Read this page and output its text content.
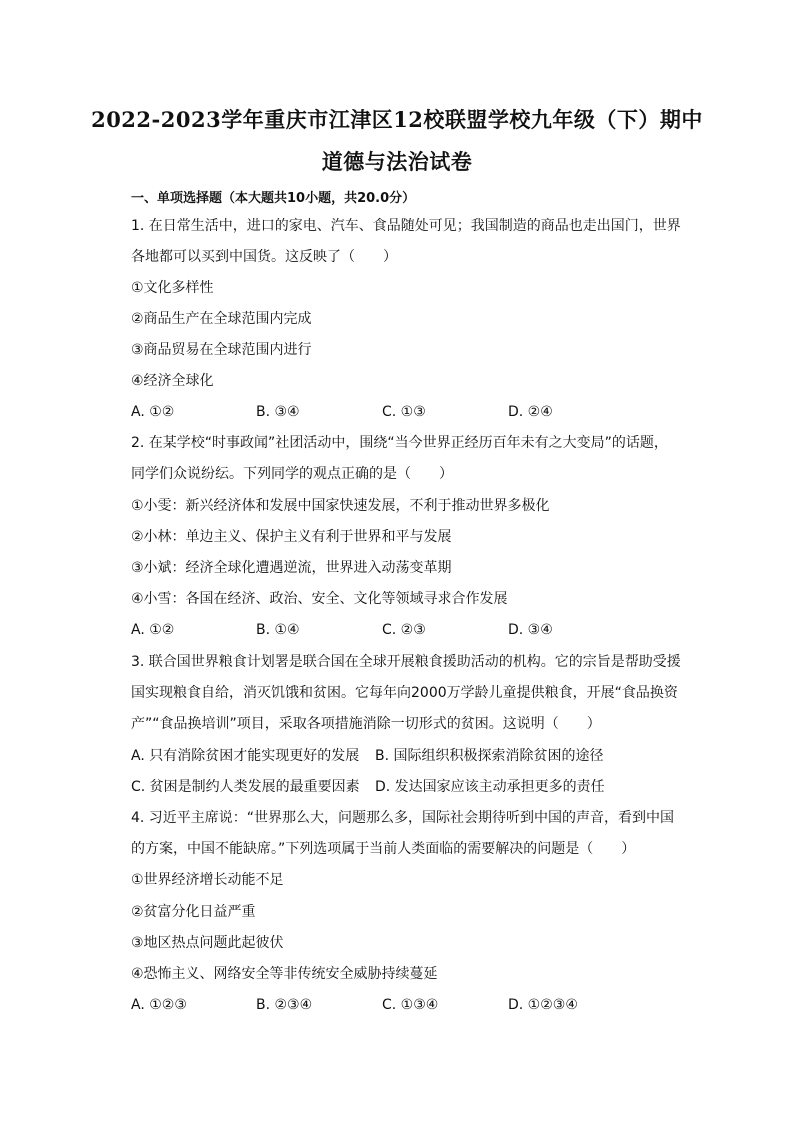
2022-2023学年重庆市江津区12校联盟学校九年级（下）期中
道德与法治试卷
一、单项选择题（本大题共10小题，共20.0分）
1. 在日常生活中，进口的家电、汽车、食品随处可见；我国制造的商品也走出国门，世界
各地都可以买到中国货。这反映了（　　）
①文化多样性
②商品生产在全球范围内完成
③商品贸易在全球范围内进行
④经济全球化
A. ①②	B. ③④	C. ①③	D. ②④
2. 在某学校“时事政闻”社团活动中，围绕“当今世界正经历百年未有之大变局”的话题，
同学们众说纷纭。下列同学的观点正确的是（　　）
①小雯：新兴经济体和发展中国家快速发展，不利于推动世界多极化
②小林：单边主义、保护主义有利于世界和平与发展
③小斌：经济全球化遭遇逆流，世界进入动荡变革期
④小雪：各国在经济、政治、安全、文化等领域寻求合作发展
A. ①②	B. ①④	C. ②③	D. ③④
3. 联合国世界粮食计划署是联合国在全球开展粮食援助活动的机构。它的宗旨是帮助受援
国实现粮食自给，消灭饥饿和贫困。它每年向2000万学龄儿童提供粮食，开展“食品换资
产”“食品换培训”项目，采取各项措施消除一切形式的贫困。这说明（　　）
A. 只有消除贫困才能实现更好的发展 B. 国际组织积极探索消除贫困的途径
C. 贫困是制约人类发展的最重要因素 D. 发达国家应该主动承担更多的责任
4. 习近平主席说：“世界那么大，问题那么多，国际社会期待听到中国的声音，看到中国
的方案，中国不能缺席。”下列选项属于当前人类面临的需要解决的问题是（　　）
①世界经济增长动能不足
②贫富分化日益严重
③地区热点问题此起彼伏
④恐怖主义、网络安全等非传统安全威胁持续蔓延
A. ①②③	B. ②③④	C. ①③④	D. ①②③④
